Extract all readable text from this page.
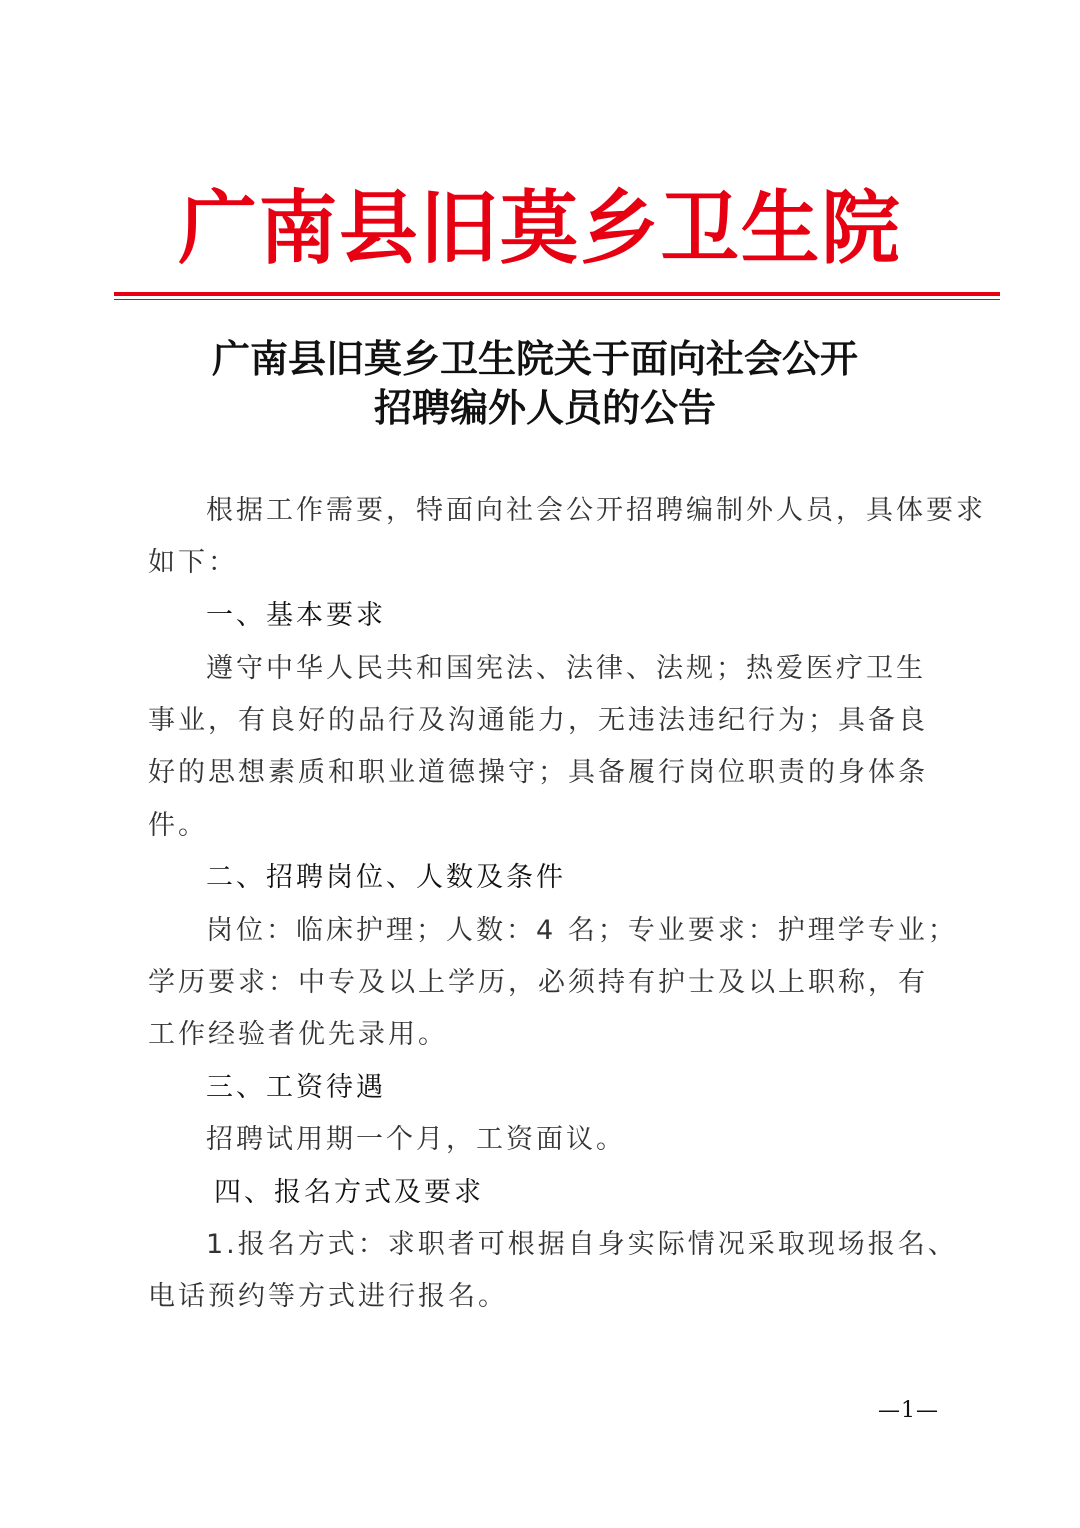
广南县旧莫乡卫生院
广南县旧莫乡卫生院关于面向社会公开
招聘编外人员的公告
根据工作需要，特面向社会公开招聘编制外人员，具体要求
如下：
一、基本要求
遵守中华人民共和国宪法、法律、法规；热爱医疗卫生
事业，有良好的品行及沟通能力，无违法违纪行为；具备良
好的思想素质和职业道德操守；具备履行岗位职责的身体条
件。
二、招聘岗位、人数及条件
岗位：临床护理；人数：4 名；专业要求：护理学专业；
学历要求：中专及以上学历，必须持有护士及以上职称，有
工作经验者优先录用。
三、工资待遇
招聘试用期一个月，工资面议。
四、报名方式及要求
1.报名方式：求职者可根据自身实际情况采取现场报名、
电话预约等方式进行报名。
—1—
